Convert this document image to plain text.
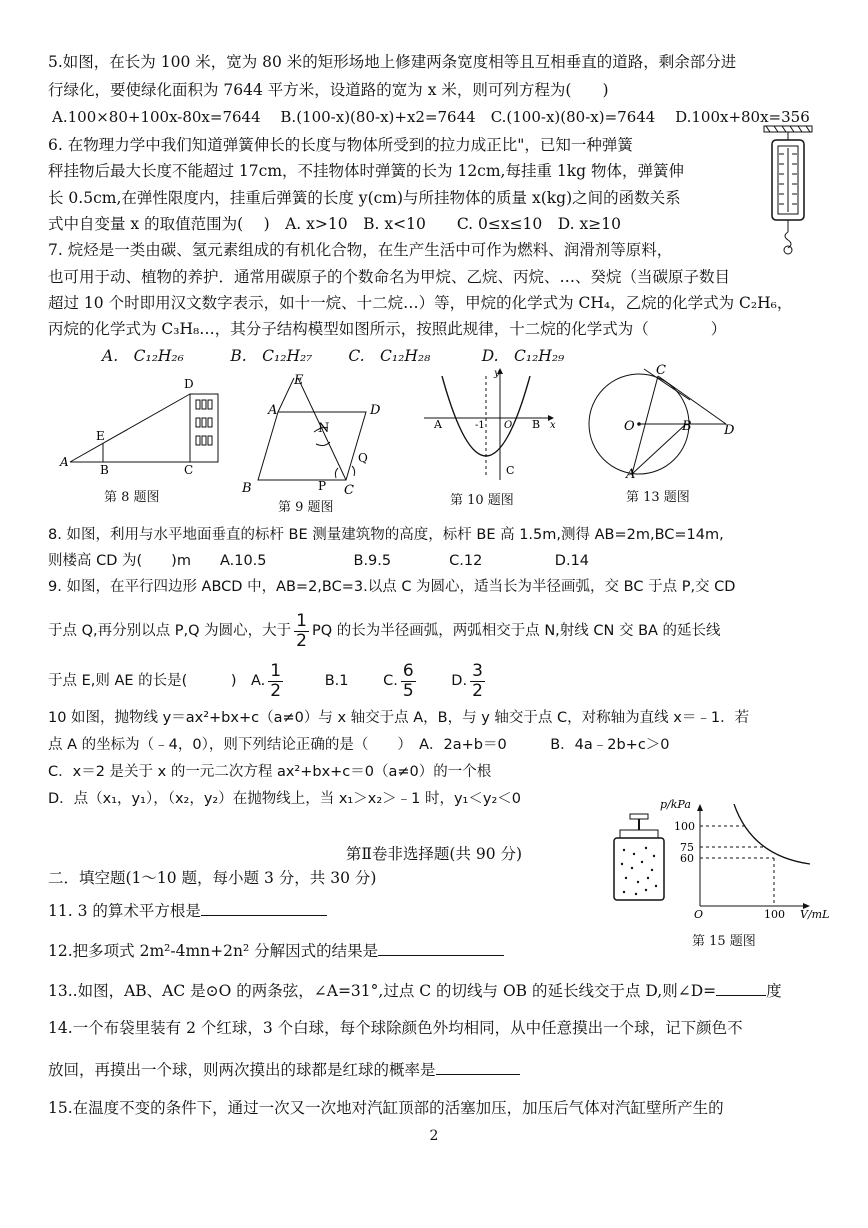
5.如图，在长为 100 米，宽为 80 米的矩形场地上修建两条宽度相等且互相垂直的道路，剩余部分进
行绿化，要使绿化面积为 7644 平方米，设道路的宽为 x 米，则可列方程为(　　)
A.100×80+100x-80x=7644　 B.(100-x)(80-x)+x2=7644　C.(100-x)(80-x)=7644　 D.100x+80x=356
6. 在物理力学中我们知道弹簧伸长的长度与物体所受到的拉力成正比"，已知一种弹簧
秤挂物后最大长度不能超过 17cm，不挂物体时弹簧的长为 12cm,每挂重 1kg 物体，弹簧伸
长 0.5cm,在弹性限度内，挂重后弹簧的长度 y(cm)与所挂物体的质量 x(kg)之间的函数关系
式中自变量 x 的取值范围为(　 )　A. x>10　B. x<10　　C. 0≤x≤10　D. x≥10
7. 烷烃是一类由碳、氢元素组成的有机化合物，在生产生活中可作为燃料、润滑剂等原料，
也可用于动、植物的养护．通常用碳原子的个数命名为甲烷、乙烷、丙烷、…、癸烷（当碳原子数目
超过 10 个时即用汉文数字表示，如十一烷、十二烷…）等，甲烷的化学式为 CH₄，乙烷的化学式为 C₂H₆，
丙烷的化学式为 C₃H₈…，其分子结构模型如图所示，按照此规律，十二烷的化学式为（　　　　）
A.　C₁₂H₂₆　　　B.　C₁₂H₂₇　　 C.　C₁₂H₂₈　　　 D.　C₁₂H₂₉
A
B	C
D
E
第 8 题图
A
B	C
D
E
N
P
Q
第 9 题图
y
x
A	-1 O B
C
第 10 题图
C
O	B D
A
第 13 题图
8. 如图，利用与水平地面垂直的标杆 BE 测量建筑物的高度，标杆 BE 高 1.5m,测得 AB=2m,BC=14m,
则楼高 CD 为(　　)m　　A.10.5　　　　　　B.9.5　　　　C.12　　　　　D.14
9. 如图，在平行四边形 ABCD 中，AB=2,BC=3.以点 C 为圆心，适当长为半径画弧，交 BC 于点 P,交 CD
于点 Q,再分别以点 P,Q 为圆心，大于 $\frac{1}{2}$ PQ 的长为半径画弧，两弧相交于点 N,射线 CN 交 BA 的延长线
于点 E,则 AE 的长是(　　　)　A. $\frac{1}{2}$	B.1 C. $\frac{6}{5} D$. $\frac{3}{2}$
10 如图，抛物线 y＝ax²+bx+c（a≠0）与 x 轴交于点 A，B，与 y 轴交于点 C，对称轴为直线 x＝﹣1．若
点 A 的坐标为（﹣4，0），则下列结论正确的是（　　）　A．2a+b＝0　　　B．4a﹣2b+c＞0
C．x＝2 是关于 x 的一元二次方程 ax²+bx+c＝0（a≠0）的一个根
D．点（x₁，y₁），（x₂，y₂）在抛物线上，当 x₁＞x₂＞﹣1 时，y₁＜y₂＜0
第Ⅱ卷非选择题(共 90 分)
二．填空题(1～10 题，每小题 3 分，共 30 分)
p/kPa
100
75
60
O	100 V/mL
第 15 题图
11. 3 的算术平方根是
12.把多项式 2m²-4mn+2n² 分解因式的结果是
13..如图，AB、AC 是⊙O 的两条弦，∠A=31°,过点 C 的切线与 OB 的延长线交于点 D,则∠D=	度
14.一个布袋里装有 2 个红球，3 个白球，每个球除颜色外均相同，从中任意摸出一个球，记下颜色不
放回，再摸出一个球，则两次摸出的球都是红球的概率是
15.在温度不变的条件下，通过一次又一次地对汽缸顶部的活塞加压，加压后气体对汽缸壁所产生的
2
